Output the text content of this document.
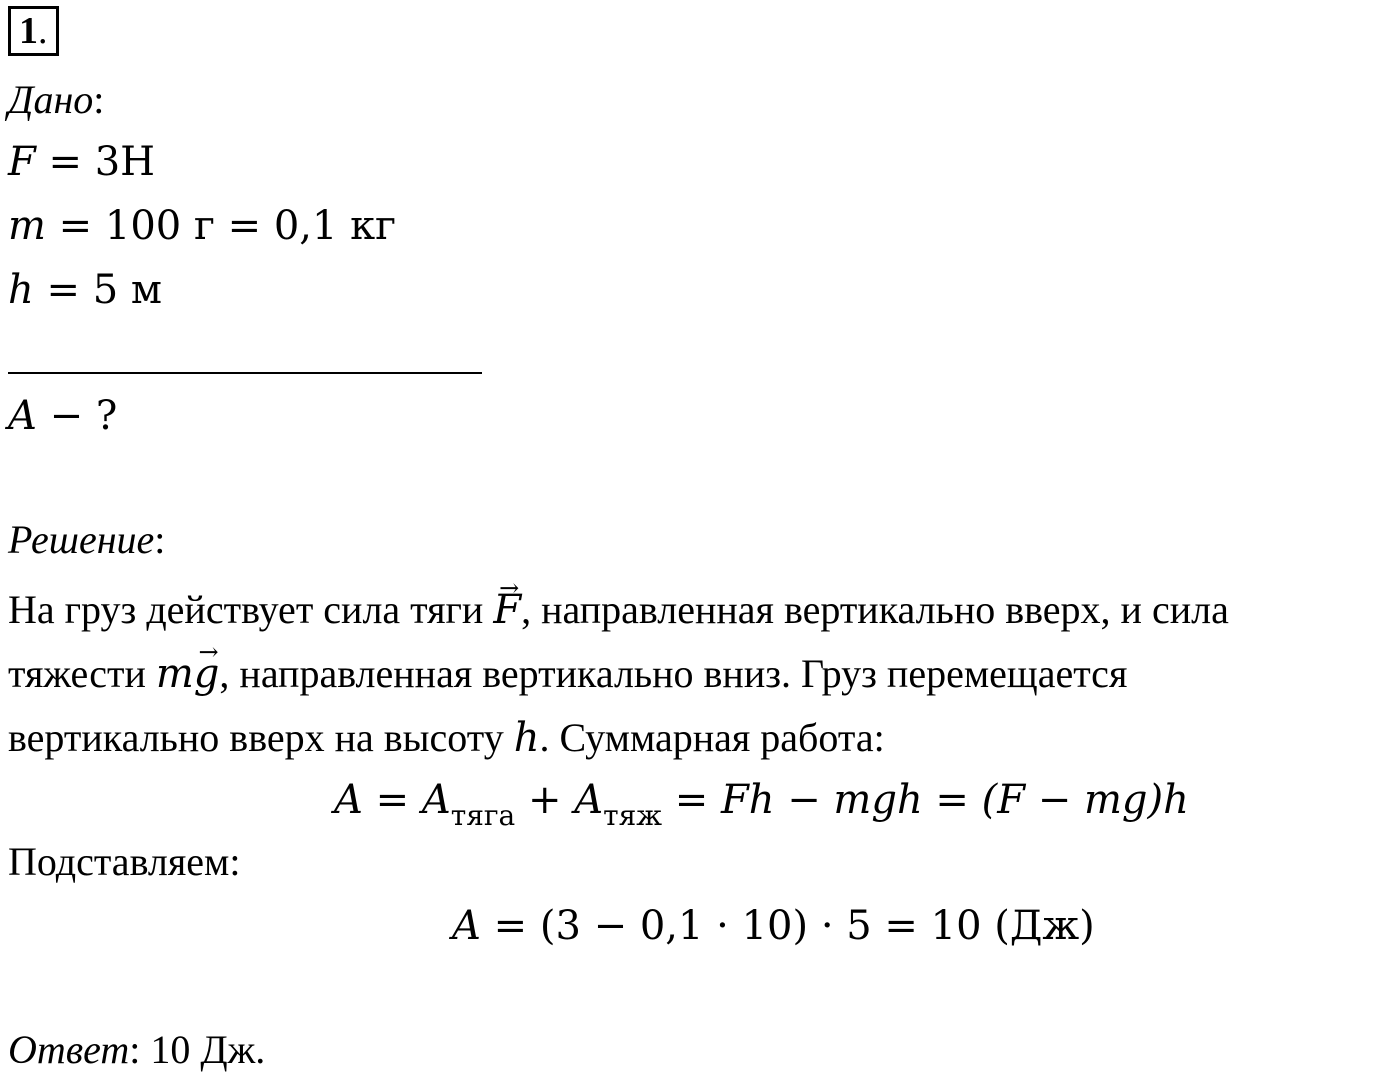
1.
Дано:
F = 3Н
m = 100 г = 0,1 кг
h = 5 м
A − ?
Решение:
На груз действует сила тяги → F, направленная вертикально вверх, и сила
тяжести m→ g, направленная вертикально вниз. Груз перемещается
вертикально вверх на высоту h. Суммарная работа:
$A = A_{тяга} + A_{тяж} = Fh$ − mgh = (F − mg)h
Подставляем:
A = (3 − 0,1 · 10) · 5 = 10 (Дж)
Ответ: 10 Дж.
